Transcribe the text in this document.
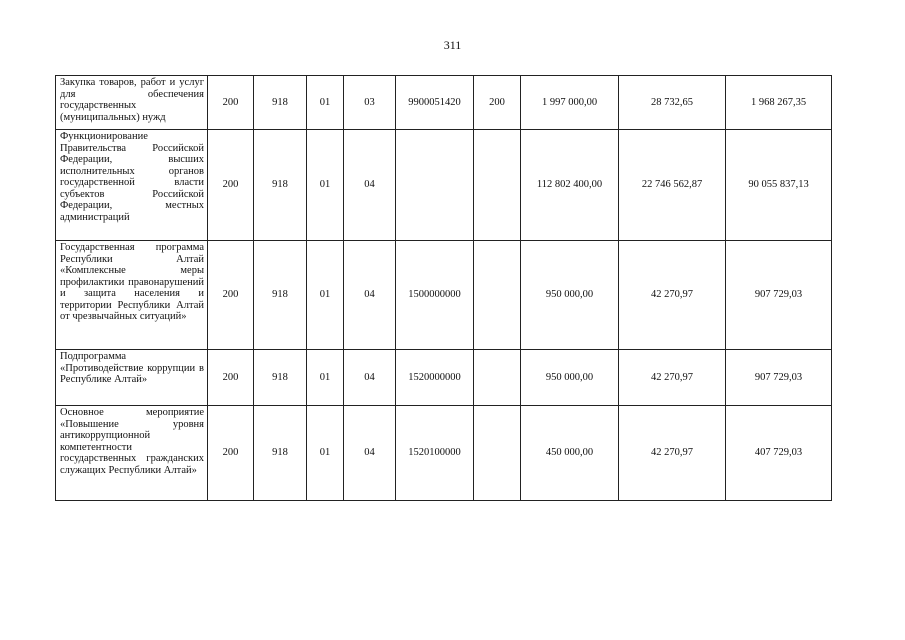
311
Закупка товаров, работ и услуг для обеспечения государственных (муниципальных) нужд	200	918	01	03	9900051420	200	1 997 000,00	28 732,65	1 968 267,35
Функционирование Правительства Российской Федерации, высших исполнительных органов государственной власти субъектов Российской Федерации, местных администраций	200	918	01	04			112 802 400,00	22 746 562,87	90 055 837,13
Государственная программа Республики Алтай «Комплексные меры профилактики правонарушений и защита населения и территории Республики Алтай от чрезвычайных ситуаций»	200	918	01	04	1500000000		950 000,00	42 270,97	907 729,03
Подпрограмма «Противодействие коррупции в Республике Алтай»	200	918	01	04	1520000000		950 000,00	42 270,97	907 729,03
Основное мероприятие «Повышение уровня антикоррупционной компетентности государственных гражданских служащих Республики Алтай»	200	918	01	04	1520100000		450 000,00	42 270,97	407 729,03
